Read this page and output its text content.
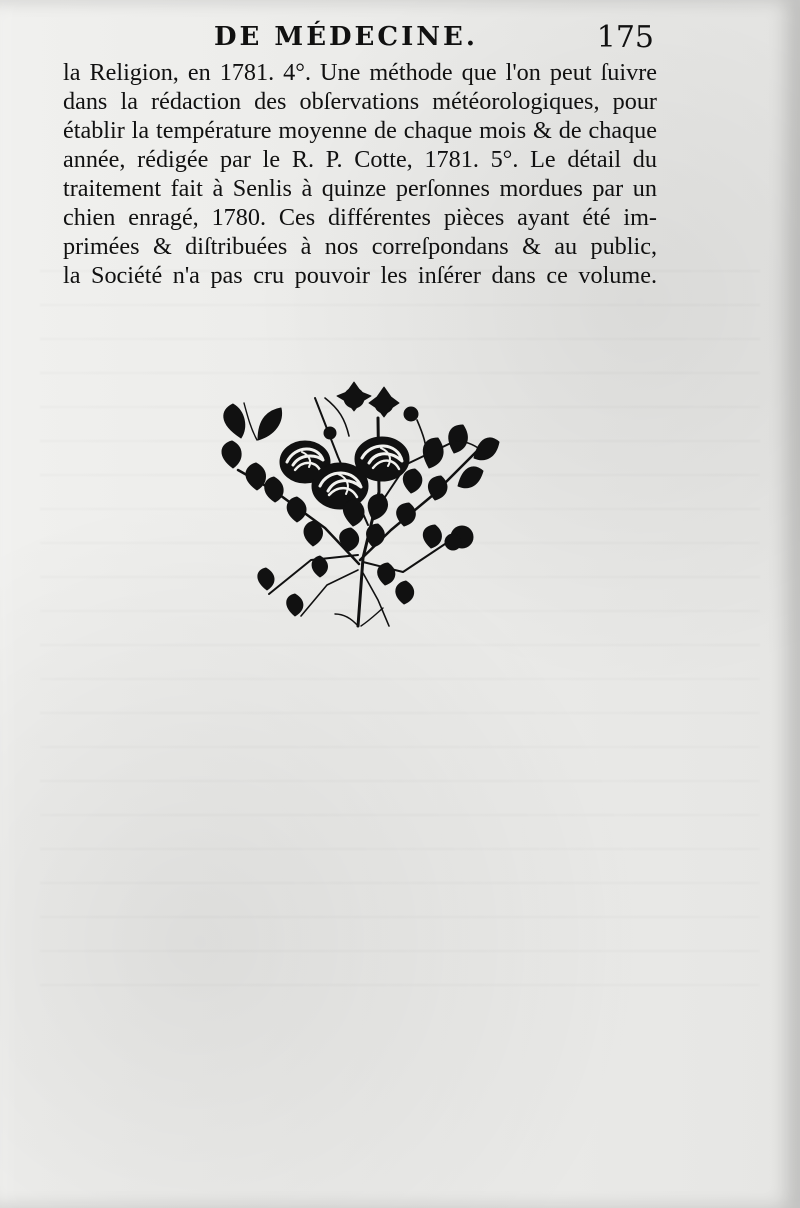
DE MÉDECINE.	175
la Religion, en 1781. 4°. Une méthode que l'on peut ſuivre
dans la rédaction des obſervations météorologiques, pour
établir la température moyenne de chaque mois & de chaque
année, rédigée par le R. P. Cotte, 1781. 5°. Le détail du
traitement fait à Senlis à quinze perſonnes mordues par un
chien enragé, 1780. Ces différentes pièces ayant été im-
primées & diſtribuées à nos correſpondans & au public,
la Société n'a pas cru pouvoir les inſérer dans ce volume.
